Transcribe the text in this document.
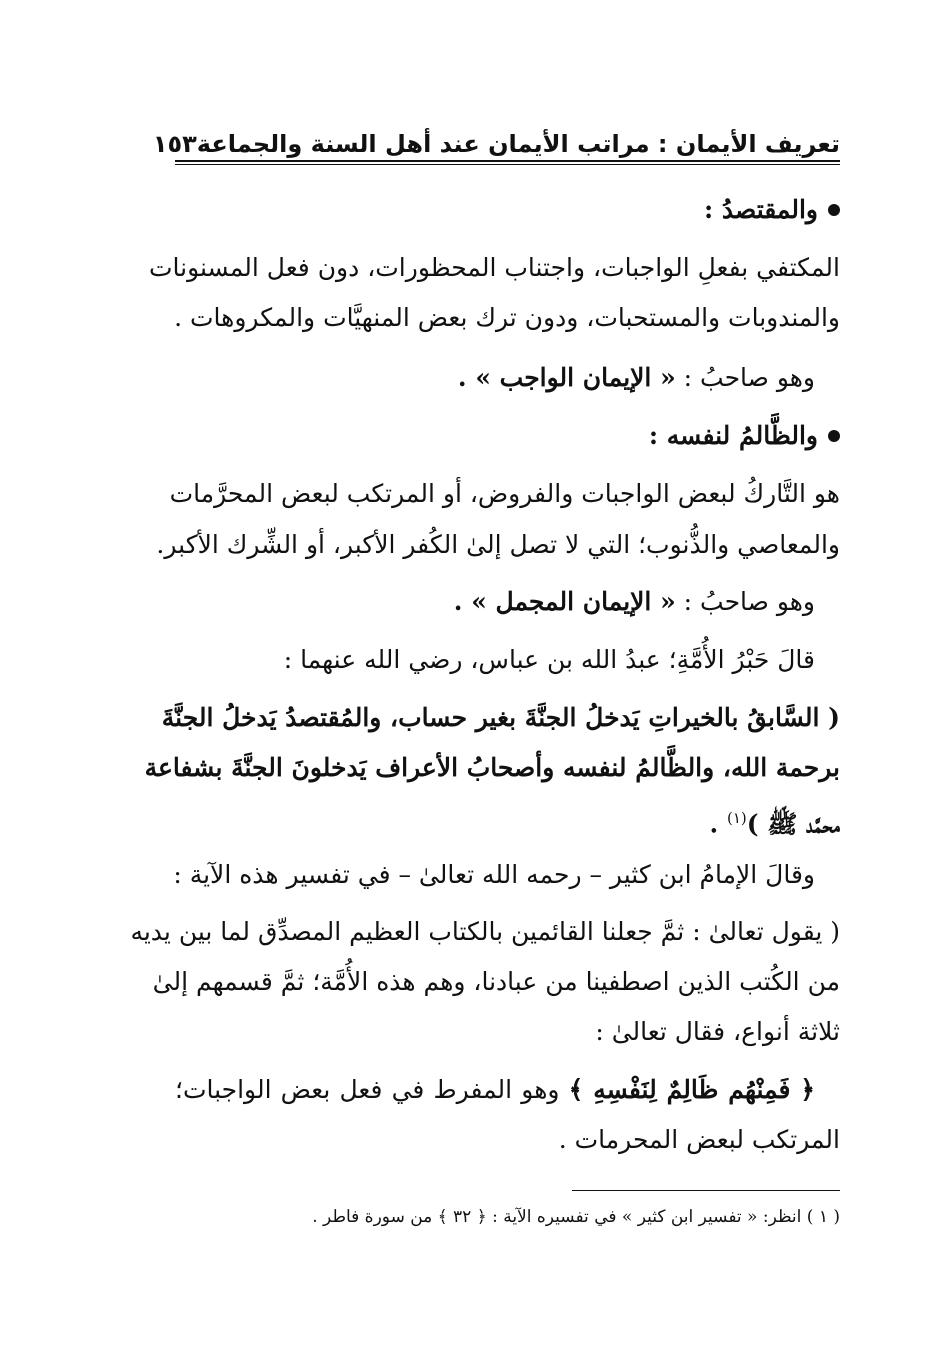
تعريف الأيمان : مراتب الأيمان عند أهل السنة والجماعة
١٥٣
والمقتصدُ :
المكتفي بفعلِ الواجبات، واجتناب المحظورات، دون فعل المسنونات
والمندوبات والمستحبات، ودون ترك بعض المنهيَّات والمكروهات .
وهو صاحبُ : « الإيمان الواجب » .
والظَّالمُ لنفسه :
هو التَّاركُ لبعض الواجبات والفروض، أو المرتكب لبعض المحرَّمات
والمعاصي والذُّنوب؛ التي لا تصل إلىٰ الكُفر الأكبر، أو الشِّرك الأكبر.
وهو صاحبُ : « الإيمان المجمل » .
قالَ حَبْرُ الأُمَّةِ؛ عبدُ الله بن عباس، رضي الله عنهما :
( السَّابقُ بالخيراتِ يَدخلُ الجنَّةَ بغير حساب، والمُقتصدُ يَدخلُ الجنَّةَ
برحمة الله، والظَّالمُ لنفسه وأصحابُ الأعراف يَدخلونَ الجنَّةَ بشفاعة
محمَّد ﷺ )$^{(١)}$ .
وقالَ الإمامُ ابن كثير – رحمه الله تعالىٰ – في تفسير هذه الآية :
( يقول تعالىٰ : ثمَّ جعلنا القائمين بالكتاب العظيم المصدِّق لما بين يديه
من الكُتب الذين اصطفينا من عبادنا، وهم هذه الأُمَّة؛ ثمَّ قسمهم إلىٰ
ثلاثة أنواع، فقال تعالىٰ :
﴿ فَمِنْهُم ظَالِمٌ لِنَفْسِهِ ﴾ وهو المفرط في فعل بعض الواجبات؛
المرتكب لبعض المحرمات .
( ١ ) انظر: « تفسير ابن كثير » في تفسيره الآية : ﴿ ٣٢ ﴾ من سورة فاطر .
